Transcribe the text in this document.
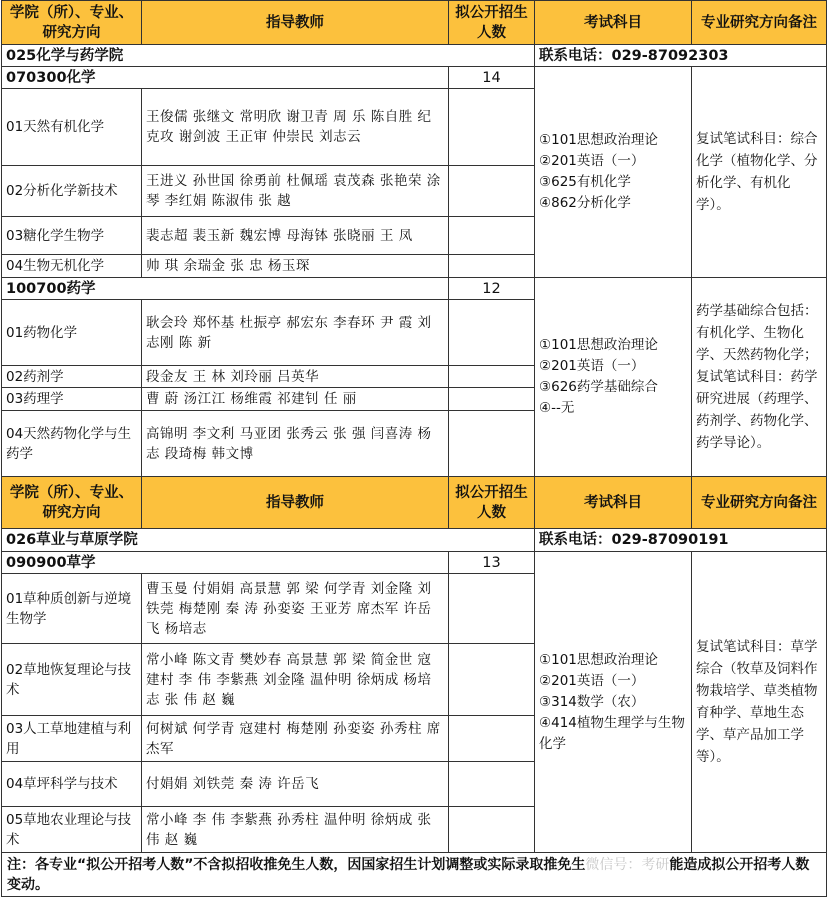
学院（所）、专业、研究方向	指导教师	拟公开招生人数	考试科目	专业研究方向备注
025化学与药学院			联系电话：029-87092303	
070300化学		14	①101思想政治理论
②201英语（一）
③625有机化学
④862分析化学	复试笔试科目：综合化学（植物化学、分析化学、有机化学）。
01天然有机化学	王俊儒 张继文 常明欣 谢卫青 周 乐 陈自胜 纪克攻 谢剑波 王正审 仲崇民 刘志云			
02分析化学新技术	王进义 孙世国 徐勇前 杜佩瑶 袁茂森 张艳荣 涂 琴 李红娟 陈淑伟 张 越			
03糖化学生物学	裴志超 裴玉新 魏宏博 母海钵 张晓丽 王 凤			
04生物无机化学	帅 琪 余瑞金 张 忠 杨玉琛			
100700药学		12	①101思想政治理论
②201英语（一）
③626药学基础综合
④--无	药学基础综合包括：有机化学、生物化学、天然药物化学；复试笔试科目：药学研究进展（药理学、药剂学、药物化学、药学导论）。
01药物化学	耿会玲 郑怀基 杜振亭 郝宏东 李春环 尹 霞 刘志刚 陈 新			
02药剂学	段金友 王 林 刘玲丽 吕英华			
03药理学	曹 蔚 汤江江 杨维霞 祁建钊 任 丽			
04天然药物化学与生药学	高锦明 李文利 马亚团 张秀云 张 强 闫喜涛 杨 志 段琦梅 韩文博			
学院（所）、专业、研究方向	指导教师	拟公开招生人数	考试科目	专业研究方向备注
026草业与草原学院			联系电话：029-87090191	
090900草学		13	①101思想政治理论
②201英语（一）
③314数学（农）
④414植物生理学与生物化学	复试笔试科目：草学综合（牧草及饲料作物栽培学、草类植物育种学、草地生态学、草产品加工学等）。
01草种质创新与逆境生物学	曹玉曼 付娟娟 高景慧 郭 梁 何学青 刘金隆 刘铁莞 梅楚刚 秦 涛 孙娈姿 王亚芳 席杰军 许岳飞 杨培志			
02草地恢复理论与技术	常小峰 陈文青 樊妙春 高景慧 郭 梁 简金世 寇建村 李 伟 李紫燕 刘金隆 温仲明 徐炳成 杨培志 张 伟 赵 巍			
03人工草地建植与利用	何树斌 何学青 寇建村 梅楚刚 孙娈姿 孙秀柱 席杰军			
04草坪科学与技术	付娟娟 刘铁莞 秦 涛 许岳飞			
05草地农业理论与技术	常小峰 李 伟 李紫燕 孙秀柱 温仲明 徐炳成 张 伟 赵 巍			
注：各专业“拟公开招考人数”不含拟招收推免生人数，因国家招生计划调整或实际录取推免生微信号：考研能造成拟公开招考人数变动。				
